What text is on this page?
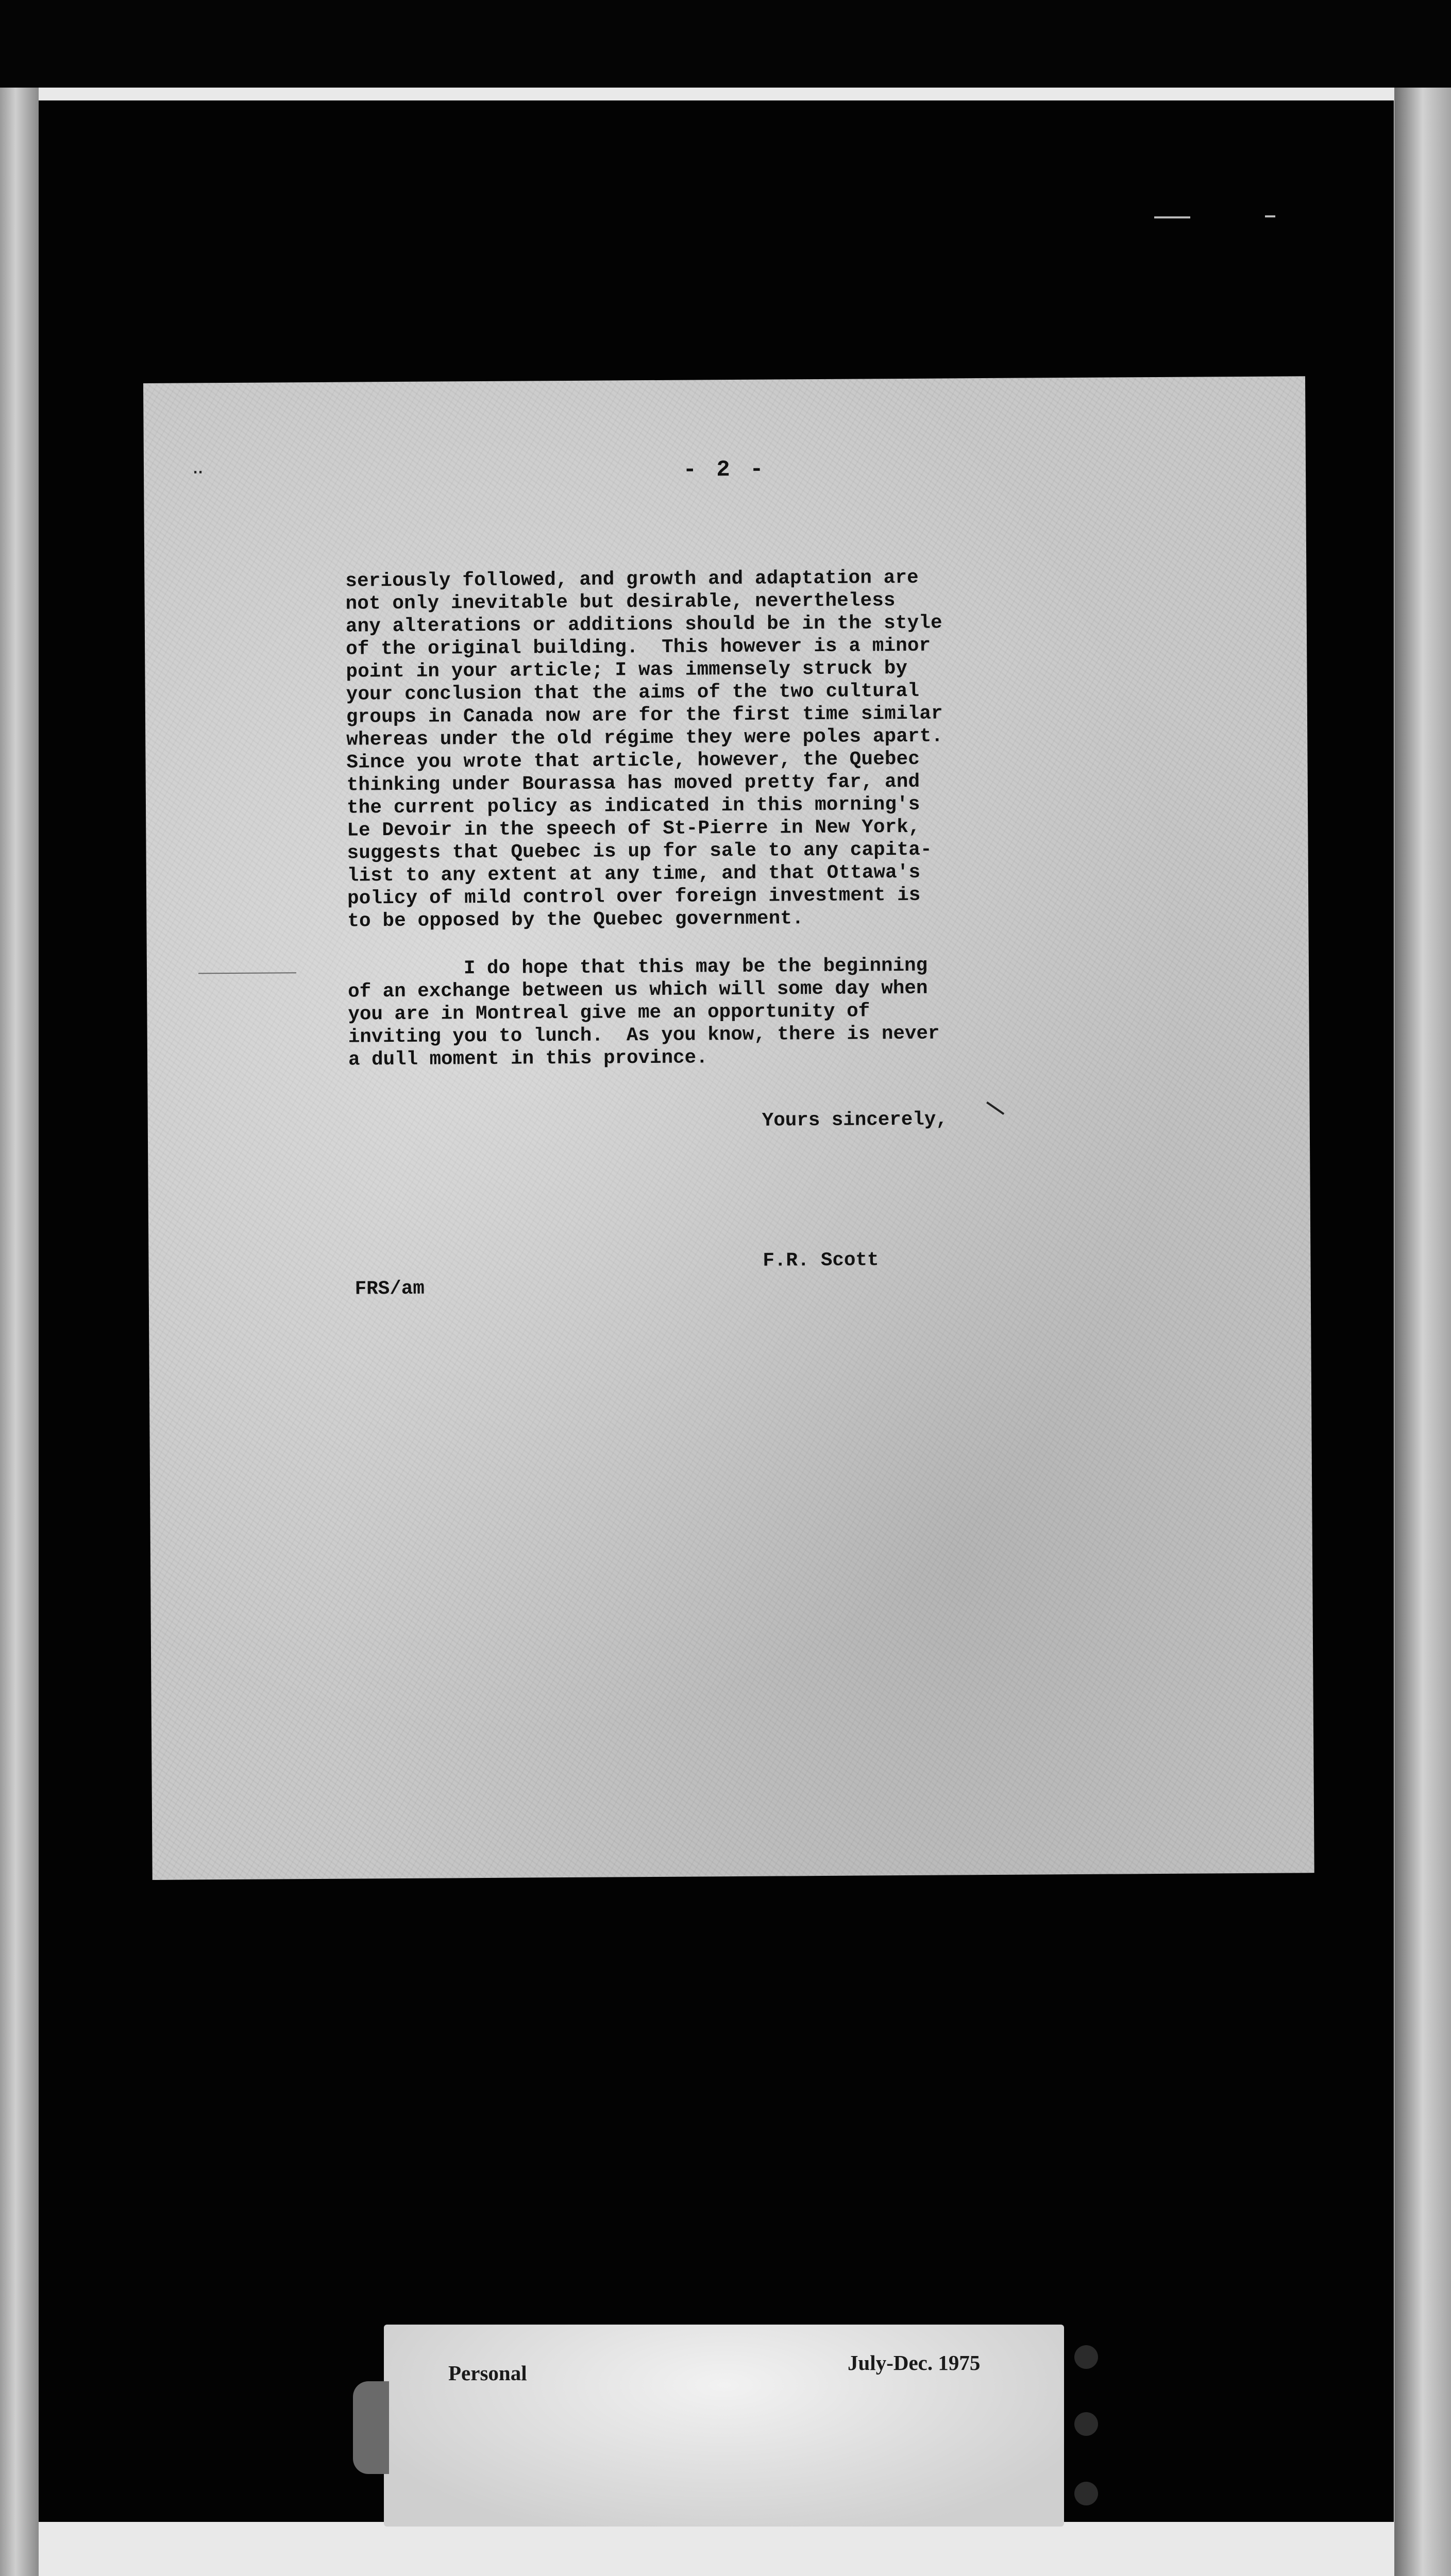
‥	- 2 -
seriously followed, and growth and adaptation are
not only inevitable but desirable, nevertheless
any alterations or additions should be in the style
of the original building.  This however is a minor
point in your article; I was immensely struck by
your conclusion that the aims of the two cultural
groups in Canada now are for the first time similar
whereas under the old régime they were poles apart.
Since you wrote that article, however, the Quebec
thinking under Bourassa has moved pretty far, and
the current policy as indicated in this morning's
Le Devoir in the speech of St-Pierre in New York,
suggests that Quebec is up for sale to any capita-
list to any extent at any time, and that Ottawa's
policy of mild control over foreign investment is
to be opposed by the Quebec government.
I do hope that this may be the beginning
of an exchange between us which will some day when
you are in Montreal give me an opportunity of
inviting you to lunch.  As you know, there is never
a dull moment in this province.
Yours sincerely,
F.R. Scott
FRS/am
Personal	July-Dec. 1975
